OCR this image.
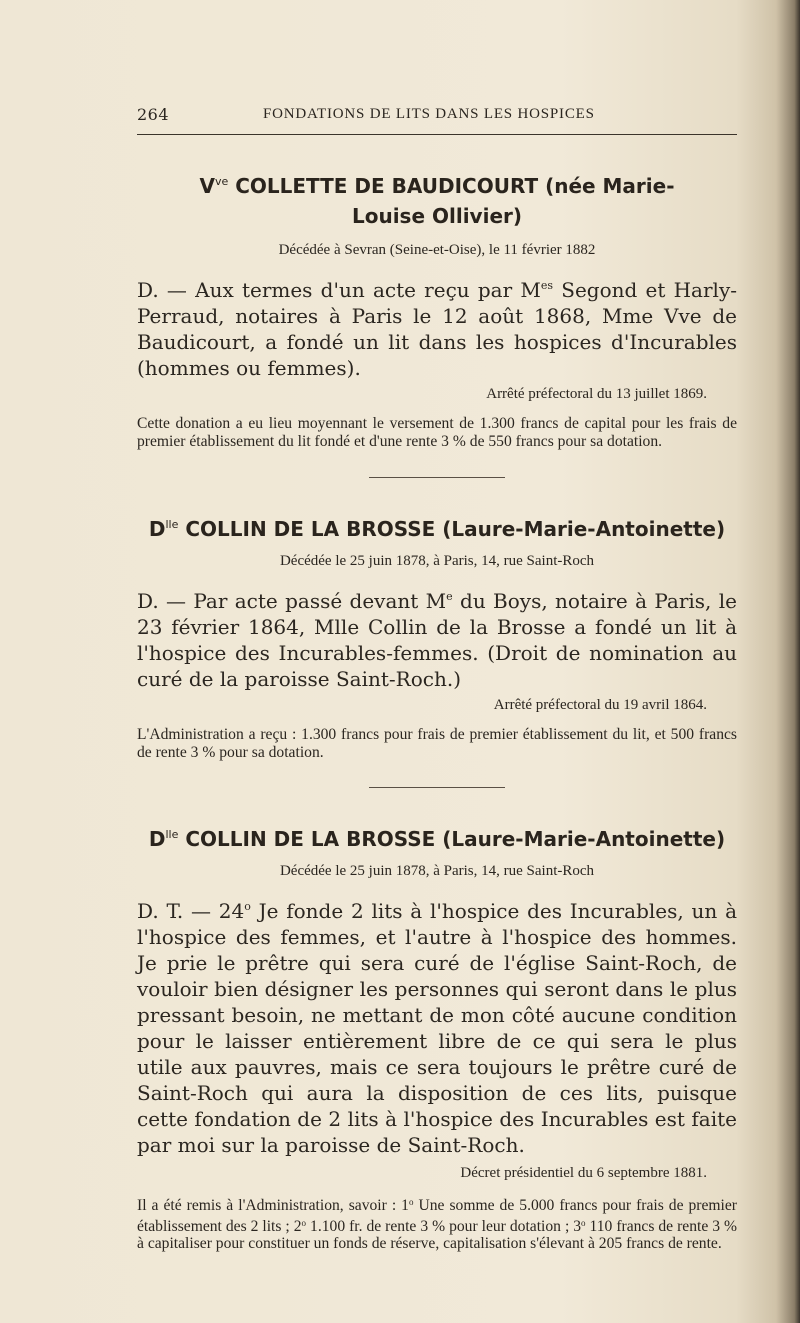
264	FONDATIONS DE LITS DANS LES HOSPICES
$V^{ve}$ COLLETTE DE BAUDICOURT (née Marie-
Louise Ollivier)
Décédée à Sevran (Seine-et-Oise), le 11 février 1882
D. — Aux termes d'un acte reçu par $M^{es}$ Segond et Harly-Perraud, notaires à Paris le 12 août 1868, Mme Vve de Baudicourt, a fondé un lit dans les hospices d'Incurables (hommes ou femmes).
Arrêté préfectoral du 13 juillet 1869.
Cette donation a eu lieu moyennant le versement de 1.300 francs de capital pour les frais de premier établissement du lit fondé et d'une rente 3 % de 550 francs pour sa dotation.
$D^{lle}$ COLLIN DE LA BROSSE (Laure-Marie-Antoinette)
Décédée le 25 juin 1878, à Paris, 14, rue Saint-Roch
D. — Par acte passé devant Me du Boys, notaire à Paris, le 23 février 1864, Mlle Collin de la Brosse a fondé un lit à l'hospice des Incurables-femmes. (Droit de nomination au curé de la paroisse Saint-Roch.)
Arrêté préfectoral du 19 avril 1864.
L'Administration a reçu : 1.300 francs pour frais de premier établissement du lit, et 500 francs de rente 3 % pour sa dotation.
$D^{lle}$ COLLIN DE LA BROSSE (Laure-Marie-Antoinette)
Décédée le 25 juin 1878, à Paris, 14, rue Saint-Roch
D. T. — 24$^o$ Je fonde 2 lits à l'hospice des Incurables, un à l'hospice des femmes, et l'autre à l'hospice des hommes. Je prie le prêtre qui sera curé de l'église Saint-Roch, de vouloir bien désigner les personnes qui seront dans le plus pressant besoin, ne mettant de mon côté aucune condition pour le laisser entièrement libre de ce qui sera le plus utile aux pauvres, mais ce sera toujours le prêtre curé de Saint-Roch qui aura la disposition de ces lits, puisque cette fondation de 2 lits à l'hospice des Incurables est faite par moi sur la paroisse de Saint-Roch.
Décret présidentiel du 6 septembre 1881.
Il a été remis à l'Administration, savoir : 1$^o$ Une somme de 5.000 francs pour frais de premier établissement des 2 lits ; 2$^o$ 1.100 fr. de rente 3 % pour leur dotation ; 3$^o$ 110 francs de rente 3 % à capitaliser pour constituer un fonds de réserve, capitalisation s'élevant à 205 francs de rente.
